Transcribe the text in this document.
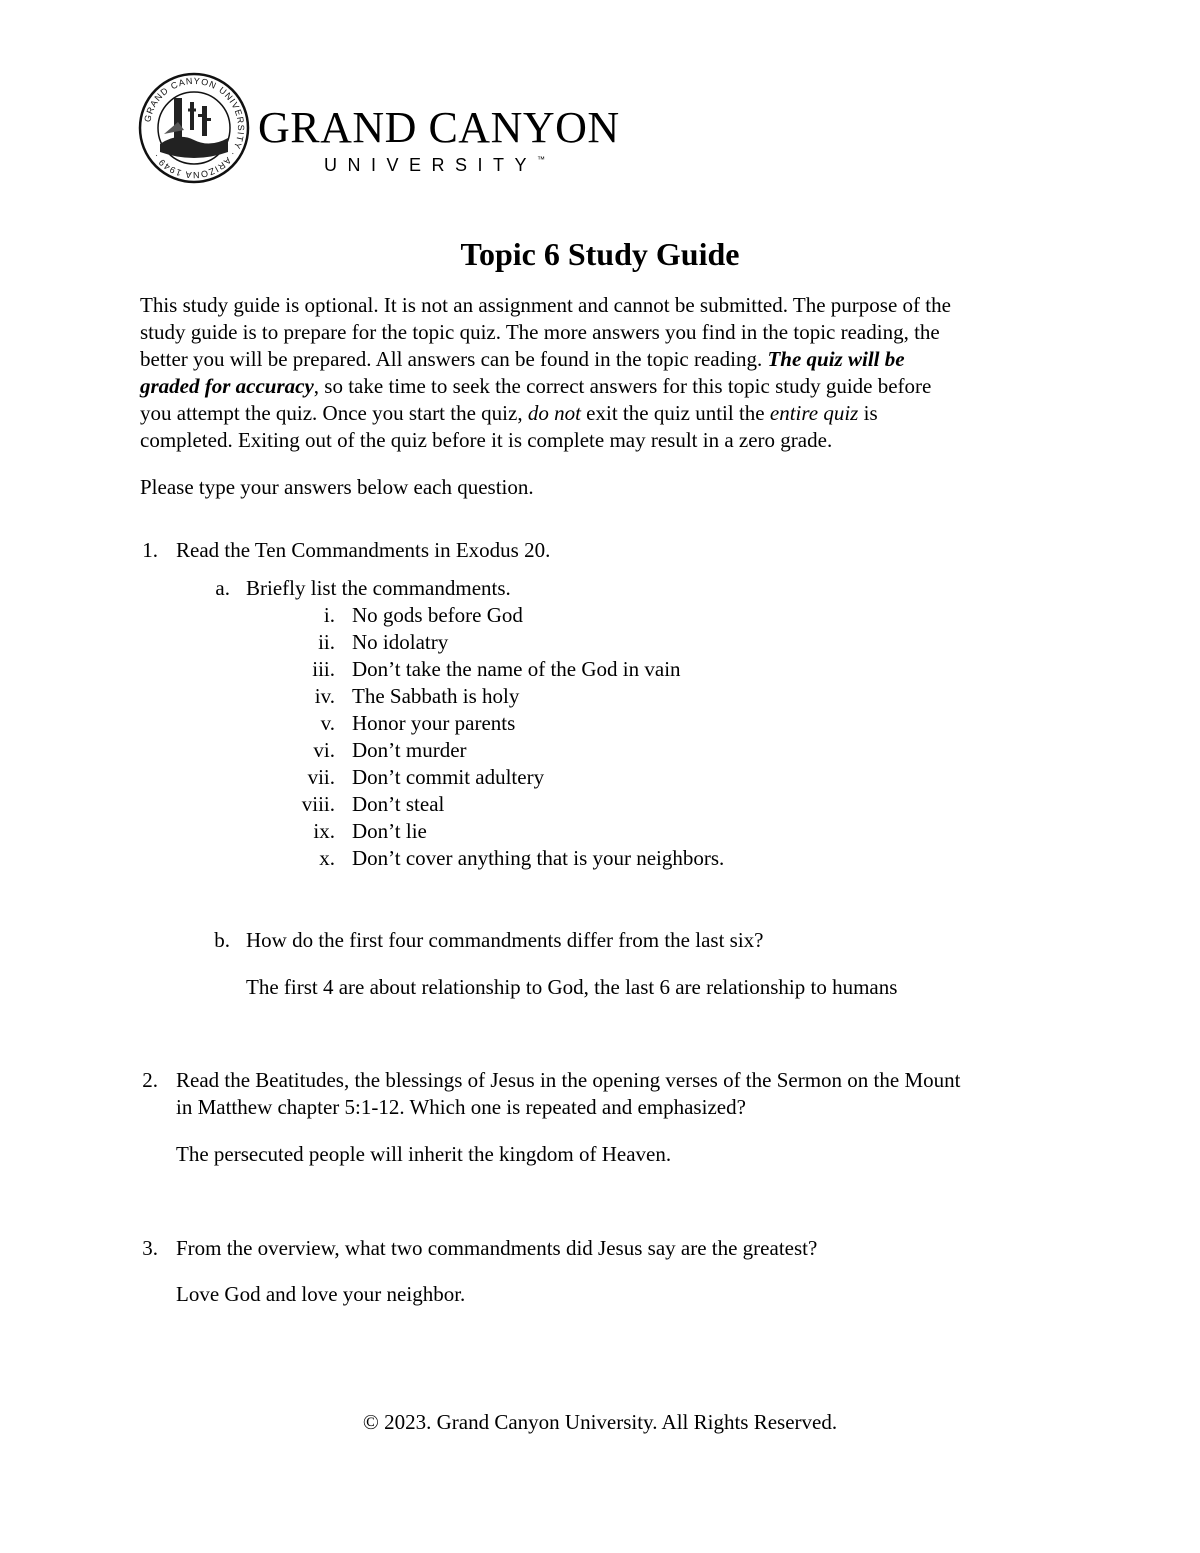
GRAND CANYON UNIVERSITY · ARIZONA 1949 ·
GRAND CANYON
UNIVERSITY™
Topic 6 Study Guide
This study guide is optional. It is not an assignment and cannot be submitted. The purpose of the
study guide is to prepare for the topic quiz. The more answers you find in the topic reading, the
better you will be prepared. All answers can be found in the topic reading. The quiz will be
graded for accuracy, so take time to seek the correct answers for this topic study guide before
you attempt the quiz. Once you start the quiz, do not exit the quiz until the entire quiz is
completed. Exiting out of the quiz before it is complete may result in a zero grade.
Please type your answers below each question.
1. Read the Ten Commandments in Exodus 20.
a. Briefly list the commandments.
i. No gods before God
ii. No idolatry
iii. Don’t take the name of the God in vain
iv. The Sabbath is holy
v. Honor your parents
vi. Don’t murder
vii. Don’t commit adultery
viii. Don’t steal
ix. Don’t lie
x. Don’t cover anything that is your neighbors.
b. How do the first four commandments differ from the last six?
The first 4 are about relationship to God, the last 6 are relationship to humans
2. Read the Beatitudes, the blessings of Jesus in the opening verses of the Sermon on the Mount
in Matthew chapter 5:1-12. Which one is repeated and emphasized?
The persecuted people will inherit the kingdom of Heaven.
3. From the overview, what two commandments did Jesus say are the greatest?
Love God and love your neighbor.
© 2023. Grand Canyon University. All Rights Reserved.
